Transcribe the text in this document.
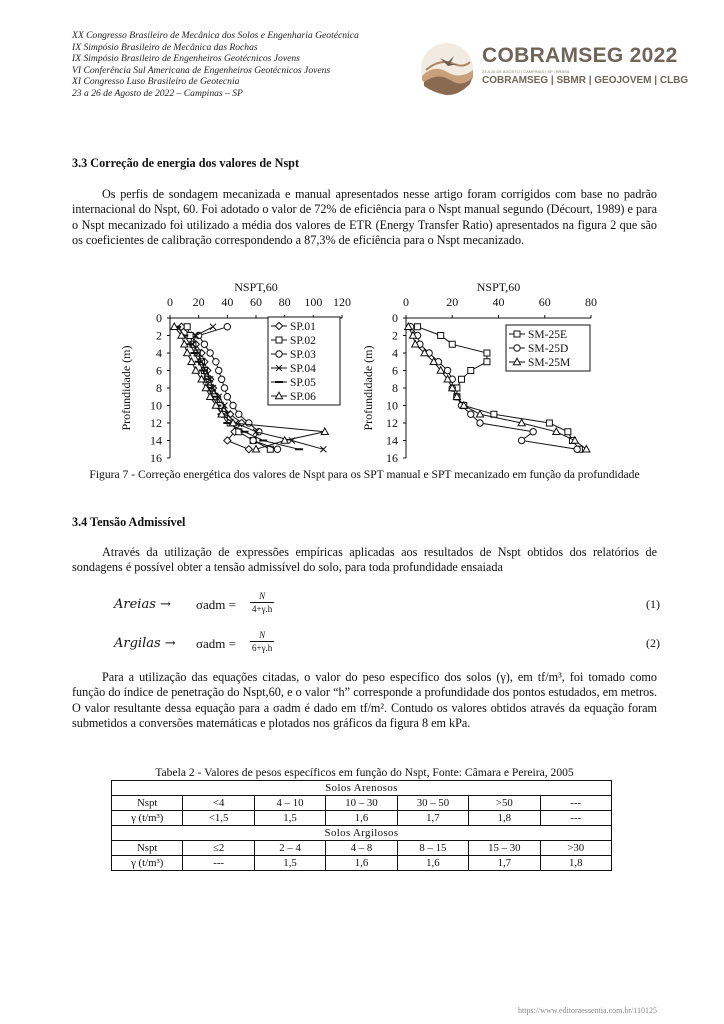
XX Congresso Brasileiro de Mecânica dos Solos e Engenharia Geotécnica
IX Simpósio Brasileiro de Mecânica das Rochas
IX Simpósio Brasileiro de Engenheiros Geotécnicos Jovens
VI Conferência Sul Americana de Engenheiros Geotécnicos Jovens
XI Congresso Luso Brasileiro de Geotecnia
23 a 26 de Agosto de 2022 – Campinas – SP
COBRAMSEG 2022
23 A 26 DE AGOSTO | CAMPINAS | SP | BRASIL
COBRAMSEG | SBMR | GEOJOVEM | CLBG
3.3 Correção de energia dos valores de Nspt
Os perfis de sondagem mecanizada e manual apresentados nesse artigo foram corrigidos com base no padrão internacional do Nspt, 60. Foi adotado o valor de 72% de eficiência para o Nspt manual segundo (Décourt, 1989) e para o Nspt mecanizado foi utilizado a média dos valores de ETR (Energy Transfer Ratio) apresentados na figura 2 que são os coeficientes de calibração correspondendo a 87,3% de eficiência para o Nspt mecanizado.
NSPT,60
0 20 40 60 80 100 120
0
2
4
6
8
10
12
14
16
Profundidade (m)
SP.01
SP.02
SP.03
SP.04
SP.05
SP.06
NSPT,60
0	20	40	60	80
0
2
4
6
8
10
12
14
16
Profundidade (m)
SM-25E
SM-25D
SM-25M
Figura 7 - Correção energética dos valores de Nspt para os SPT manual e SPT mecanizado em função da profundidade
3.4 Tensão Admissível
Através da utilização de expressões empíricas aplicadas aos resultados de Nspt obtidos dos relatórios de sondagens é possível obter a tensão admissível do solo, para toda profundidade ensaiada
Areias → $\sigma adm = \frac{N}{4+\gamma.h}$	(1)
Argilas → $\sigma adm = \frac{N}{6+\gamma.h}$	(2)
Para a utilização das equações citadas, o valor do peso específico dos solos (γ), em tf/m³, foi tomado como função do índice de penetração do Nspt,60, e o valor “h” corresponde a profundidade dos pontos estudados, em metros. O valor resultante dessa equação para a σadm é dado em tf/m². Contudo os valores obtidos através da equação foram submetidos a conversões matemáticas e plotados nos gráficos da figura 8 em kPa.
Tabela 2 - Valores de pesos específicos em função do Nspt, Fonte: Câmara e Pereira, 2005
Solos Arenosos						
Nspt	<4	4 – 10	10 – 30	30 – 50	>50	---
γ (t/m³)	<1,5	1,5	1,6	1,7	1,8	---
Solos Argilosos						
Nspt	≤2	2 – 4	4 – 8	8 – 15	15 – 30	>30
γ (t/m³)	---	1,5	1,6	1,6	1,7	1,8
https://www.editoraessentia.com.br/110125
